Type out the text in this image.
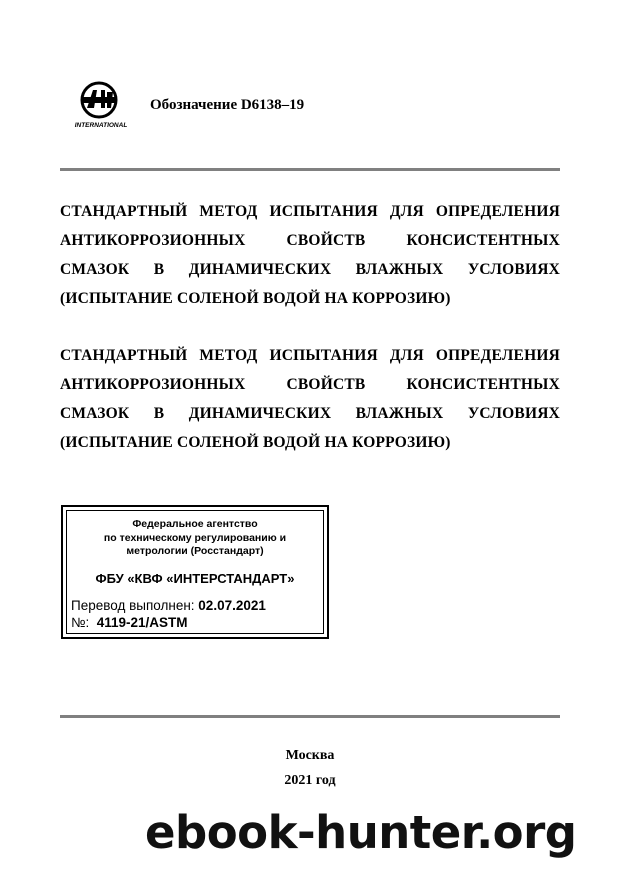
INTERNATIONAL
Обозначение D6138–19
СТАНДАРТНЫЙ МЕТОД ИСПЫТАНИЯ ДЛЯ ОПРЕДЕЛЕНИЯ
АНТИКОРРОЗИОННЫХ СВОЙСТВ КОНСИСТЕНТНЫХ
СМАЗОК В ДИНАМИЧЕСКИХ ВЛАЖНЫХ УСЛОВИЯХ
(ИСПЫТАНИЕ СОЛЕНОЙ ВОДОЙ НА КОРРОЗИЮ)
СТАНДАРТНЫЙ МЕТОД ИСПЫТАНИЯ ДЛЯ ОПРЕДЕЛЕНИЯ
АНТИКОРРОЗИОННЫХ СВОЙСТВ КОНСИСТЕНТНЫХ
СМАЗОК В ДИНАМИЧЕСКИХ ВЛАЖНЫХ УСЛОВИЯХ
(ИСПЫТАНИЕ СОЛЕНОЙ ВОДОЙ НА КОРРОЗИЮ)
Федеральное агентство
по техническому регулированию и
метрологии (Росстандарт)
ФБУ «КВФ «ИНТЕРСТАНДАРТ»
Перевод выполнен: 02.07.2021
№: 4119-21/ASTM
Москва
2021 год
ebook-hunter.org
